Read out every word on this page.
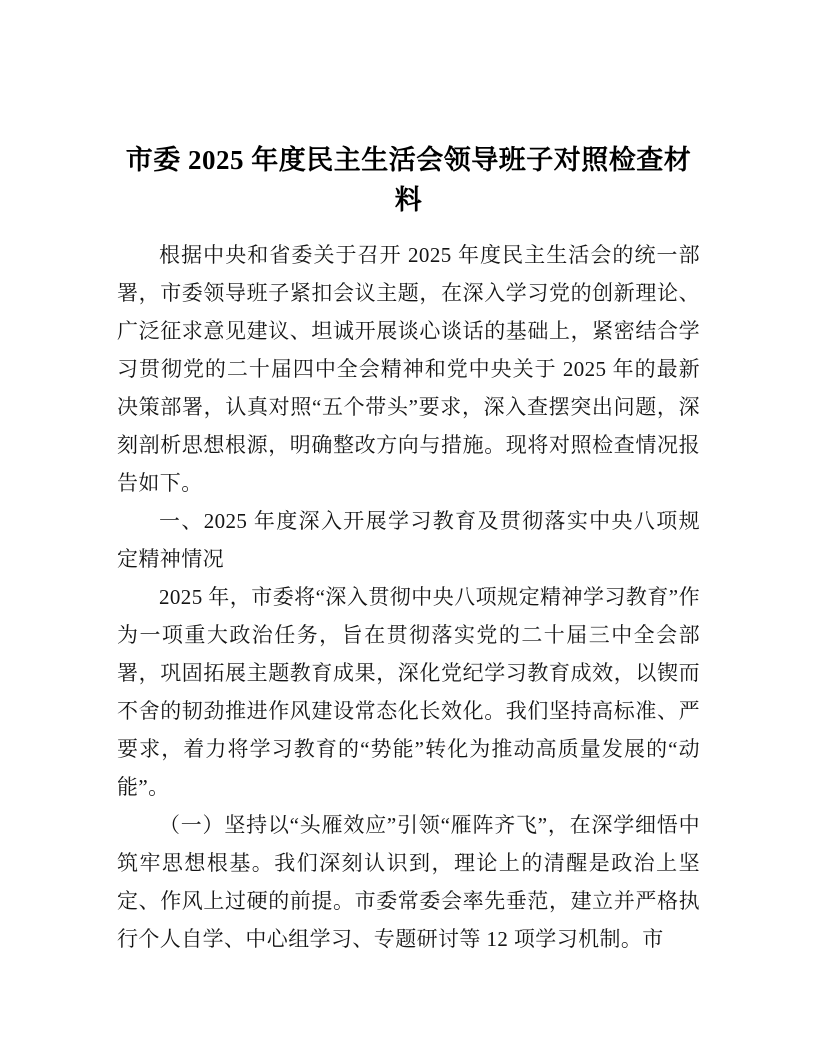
市委 2025 年度民主生活会领导班子对照检查材料

根据中央和省委关于召开 2025 年度民主生活会的统一部署，市委领导班子紧扣会议主题，在深入学习党的创新理论、广泛征求意见建议、坦诚开展谈心谈话的基础上，紧密结合学习贯彻党的二十届四中全会精神和党中央关于 2025 年的最新决策部署，认真对照“五个带头”要求，深入查摆突出问题，深刻剖析思想根源，明确整改方向与措施。现将对照检查情况报告如下。

一、2025 年度深入开展学习教育及贯彻落实中央八项规定精神情况

2025 年，市委将“深入贯彻中央八项规定精神学习教育”作为一项重大政治任务，旨在贯彻落实党的二十届三中全会部署，巩固拓展主题教育成果，深化党纪学习教育成效，以锲而不舍的韧劲推进作风建设常态化长效化。我们坚持高标准、严要求，着力将学习教育的“势能”转化为推动高质量发展的“动能”。

（一）坚持以“头雁效应”引领“雁阵齐飞”，在深学细悟中筑牢思想根基。我们深刻认识到，理论上的清醒是政治上坚定、作风上过硬的前提。市委常委会率先垂范，建立并严格执行个人自学、中心组学习、专题研讨等 12 项学习机制。市
